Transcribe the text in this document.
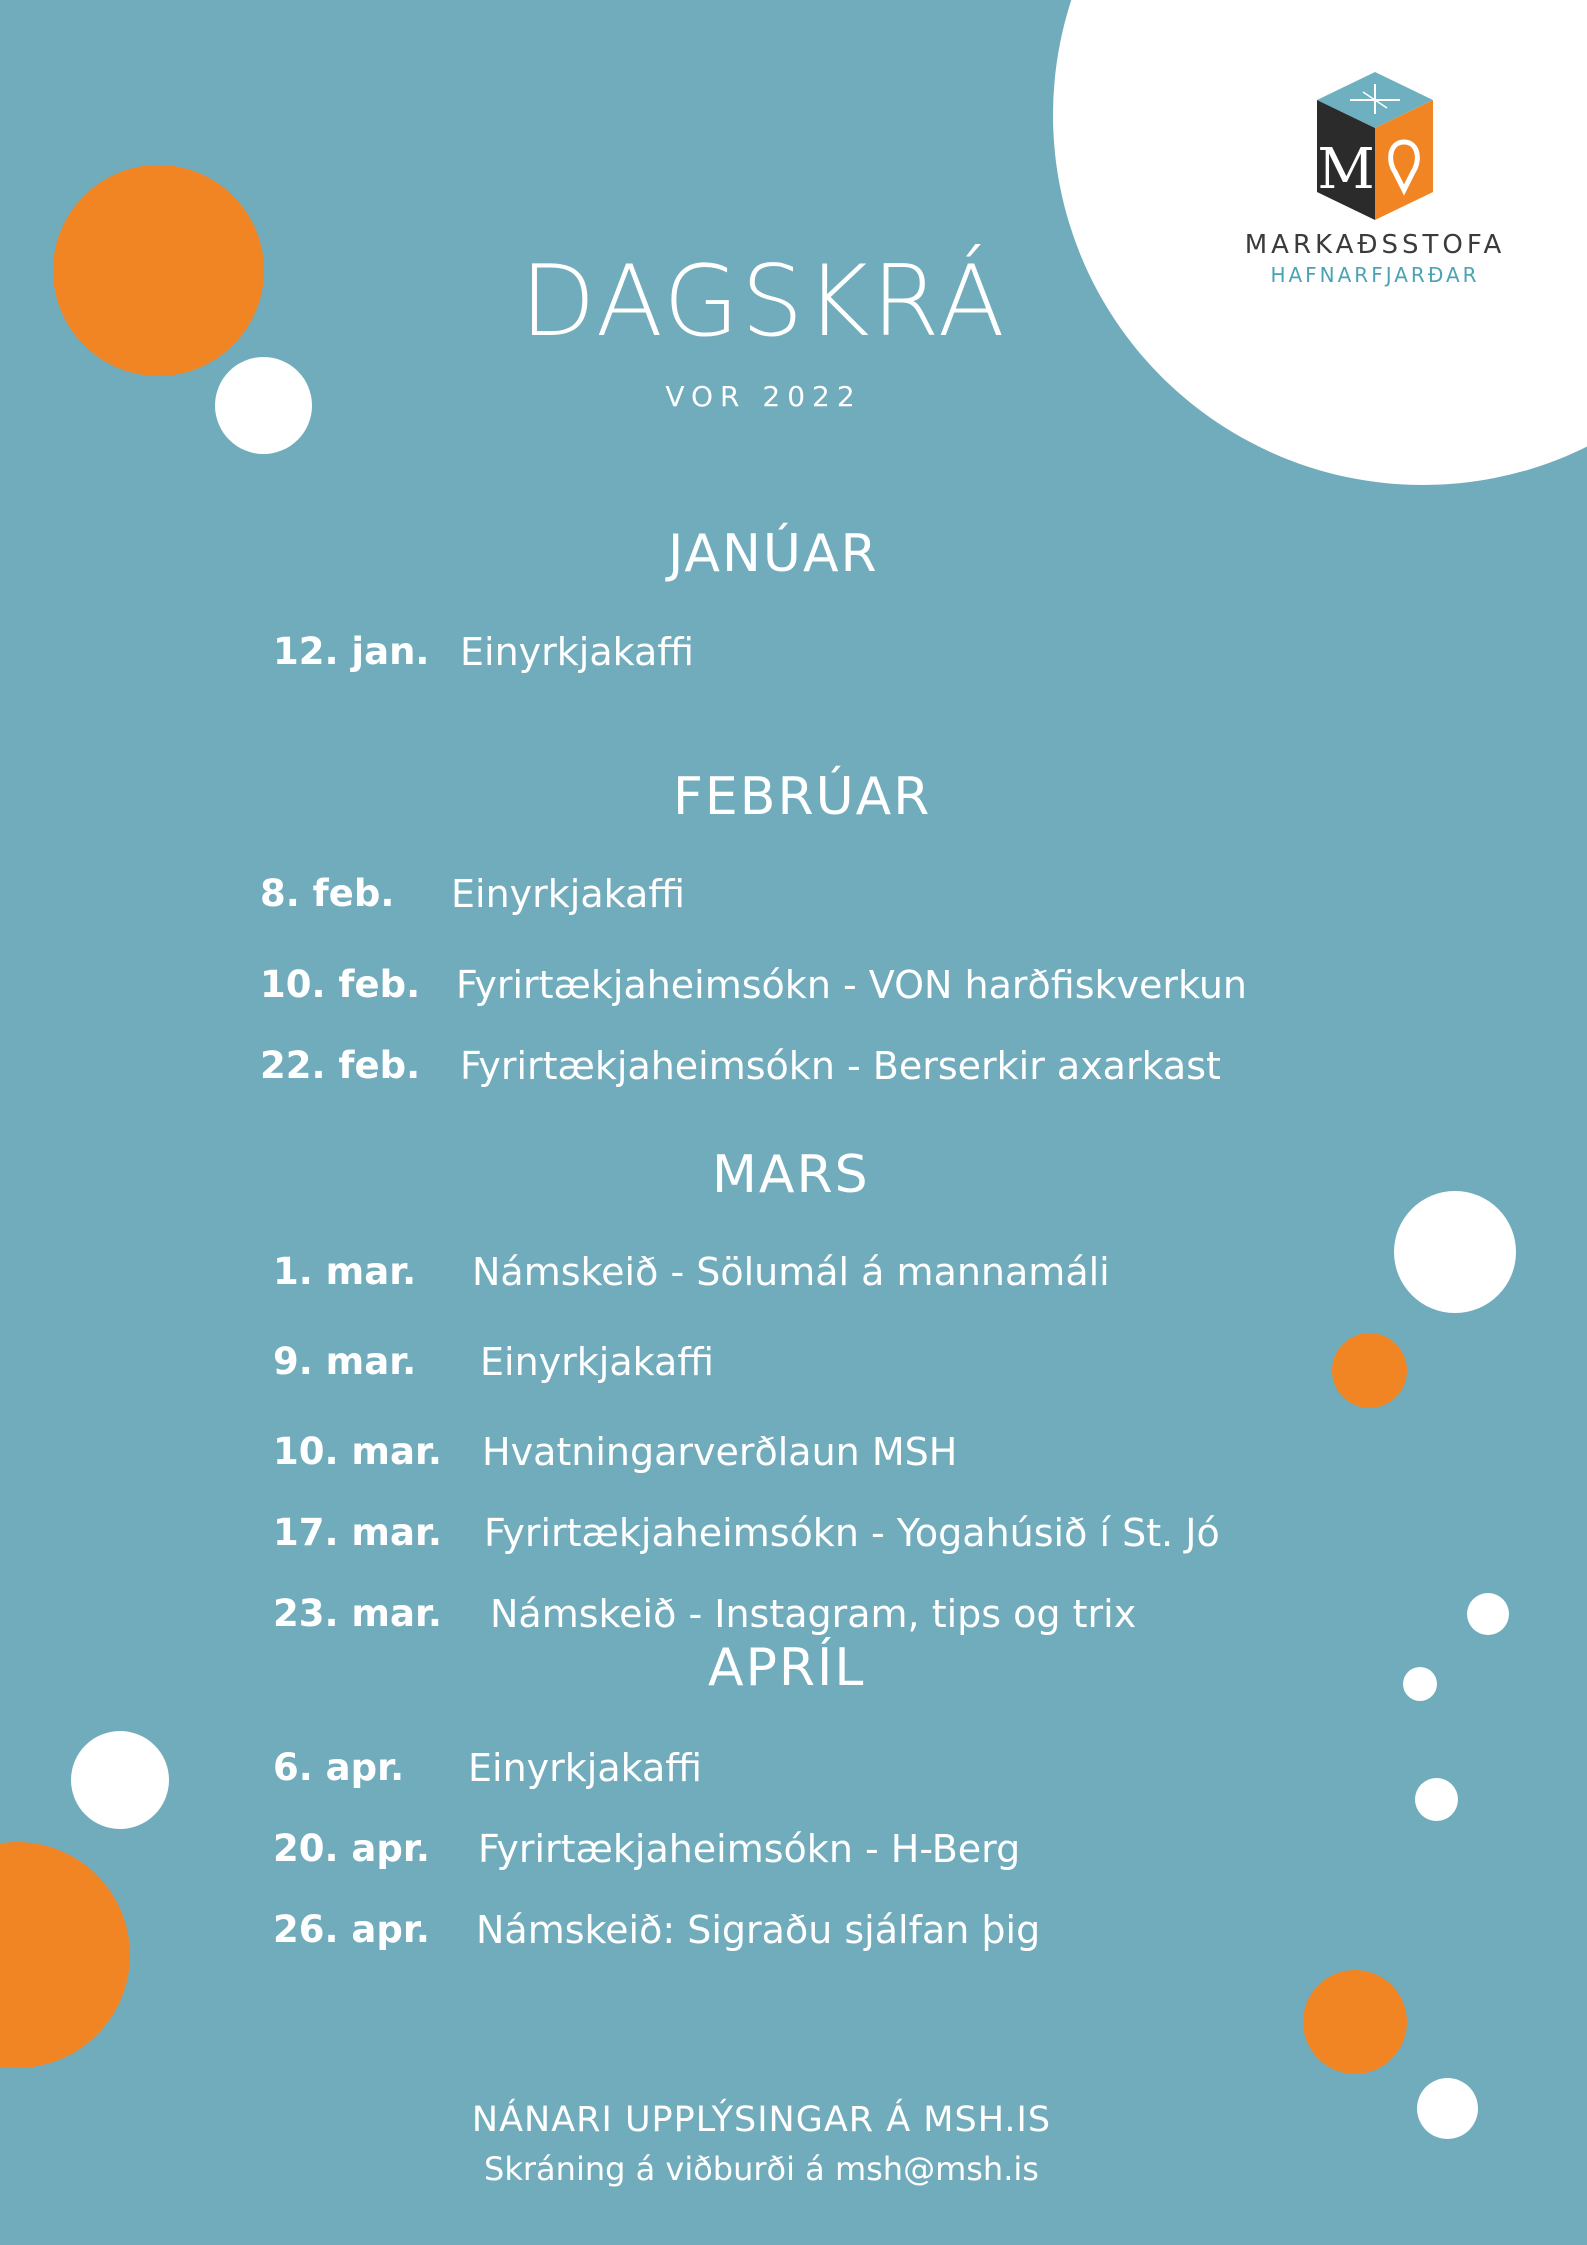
M
MARKAÐSSTOFA
HAFNARFJARÐAR
DAGSKRÁ
VOR 2022
JANÚAR
12. jan. Einyrkjakaffi
FEBRÚAR
8. feb. Einyrkjakaffi
10. feb. Fyrirtækjaheimsókn - VON harðfiskverkun
22. feb. Fyrirtækjaheimsókn - Berserkir axarkast
MARS
1. mar. Námskeið - Sölumál á mannamáli
9. mar. Einyrkjakaffi
10. mar. Hvatningarverðlaun MSH
17. mar. Fyrirtækjaheimsókn - Yogahúsið í St. Jó
23. mar. Námskeið - Instagram, tips og trix
APRÍL
6. apr. Einyrkjakaffi
20. apr. Fyrirtækjaheimsókn - H-Berg
26. apr. Námskeið: Sigraðu sjálfan þig
NÁNARI UPPLÝSINGAR Á MSH.IS
Skráning á viðburði á msh@msh.is
